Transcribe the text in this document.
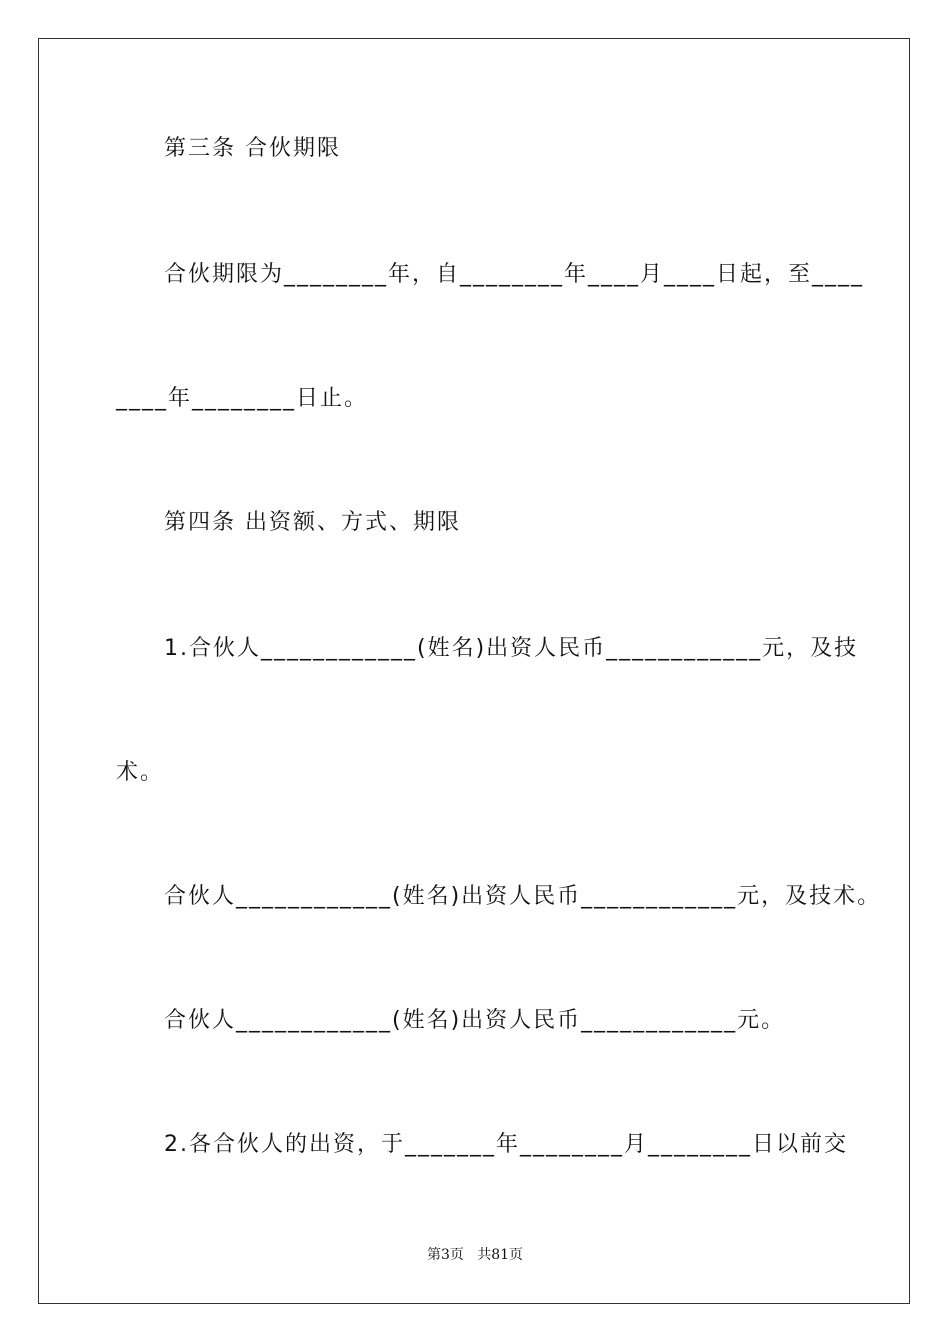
第三条 合伙期限
合伙期限为________年，自________年____月____日起，至____
____年________日止。
第四条 出资额、方式、期限
1.合伙人____________(姓名)出资人民币____________元，及技
术。
合伙人____________(姓名)出资人民币____________元，及技术。
合伙人____________(姓名)出资人民币____________元。
2.各合伙人的出资，于_______年________月________日以前交
第3页   共81页
